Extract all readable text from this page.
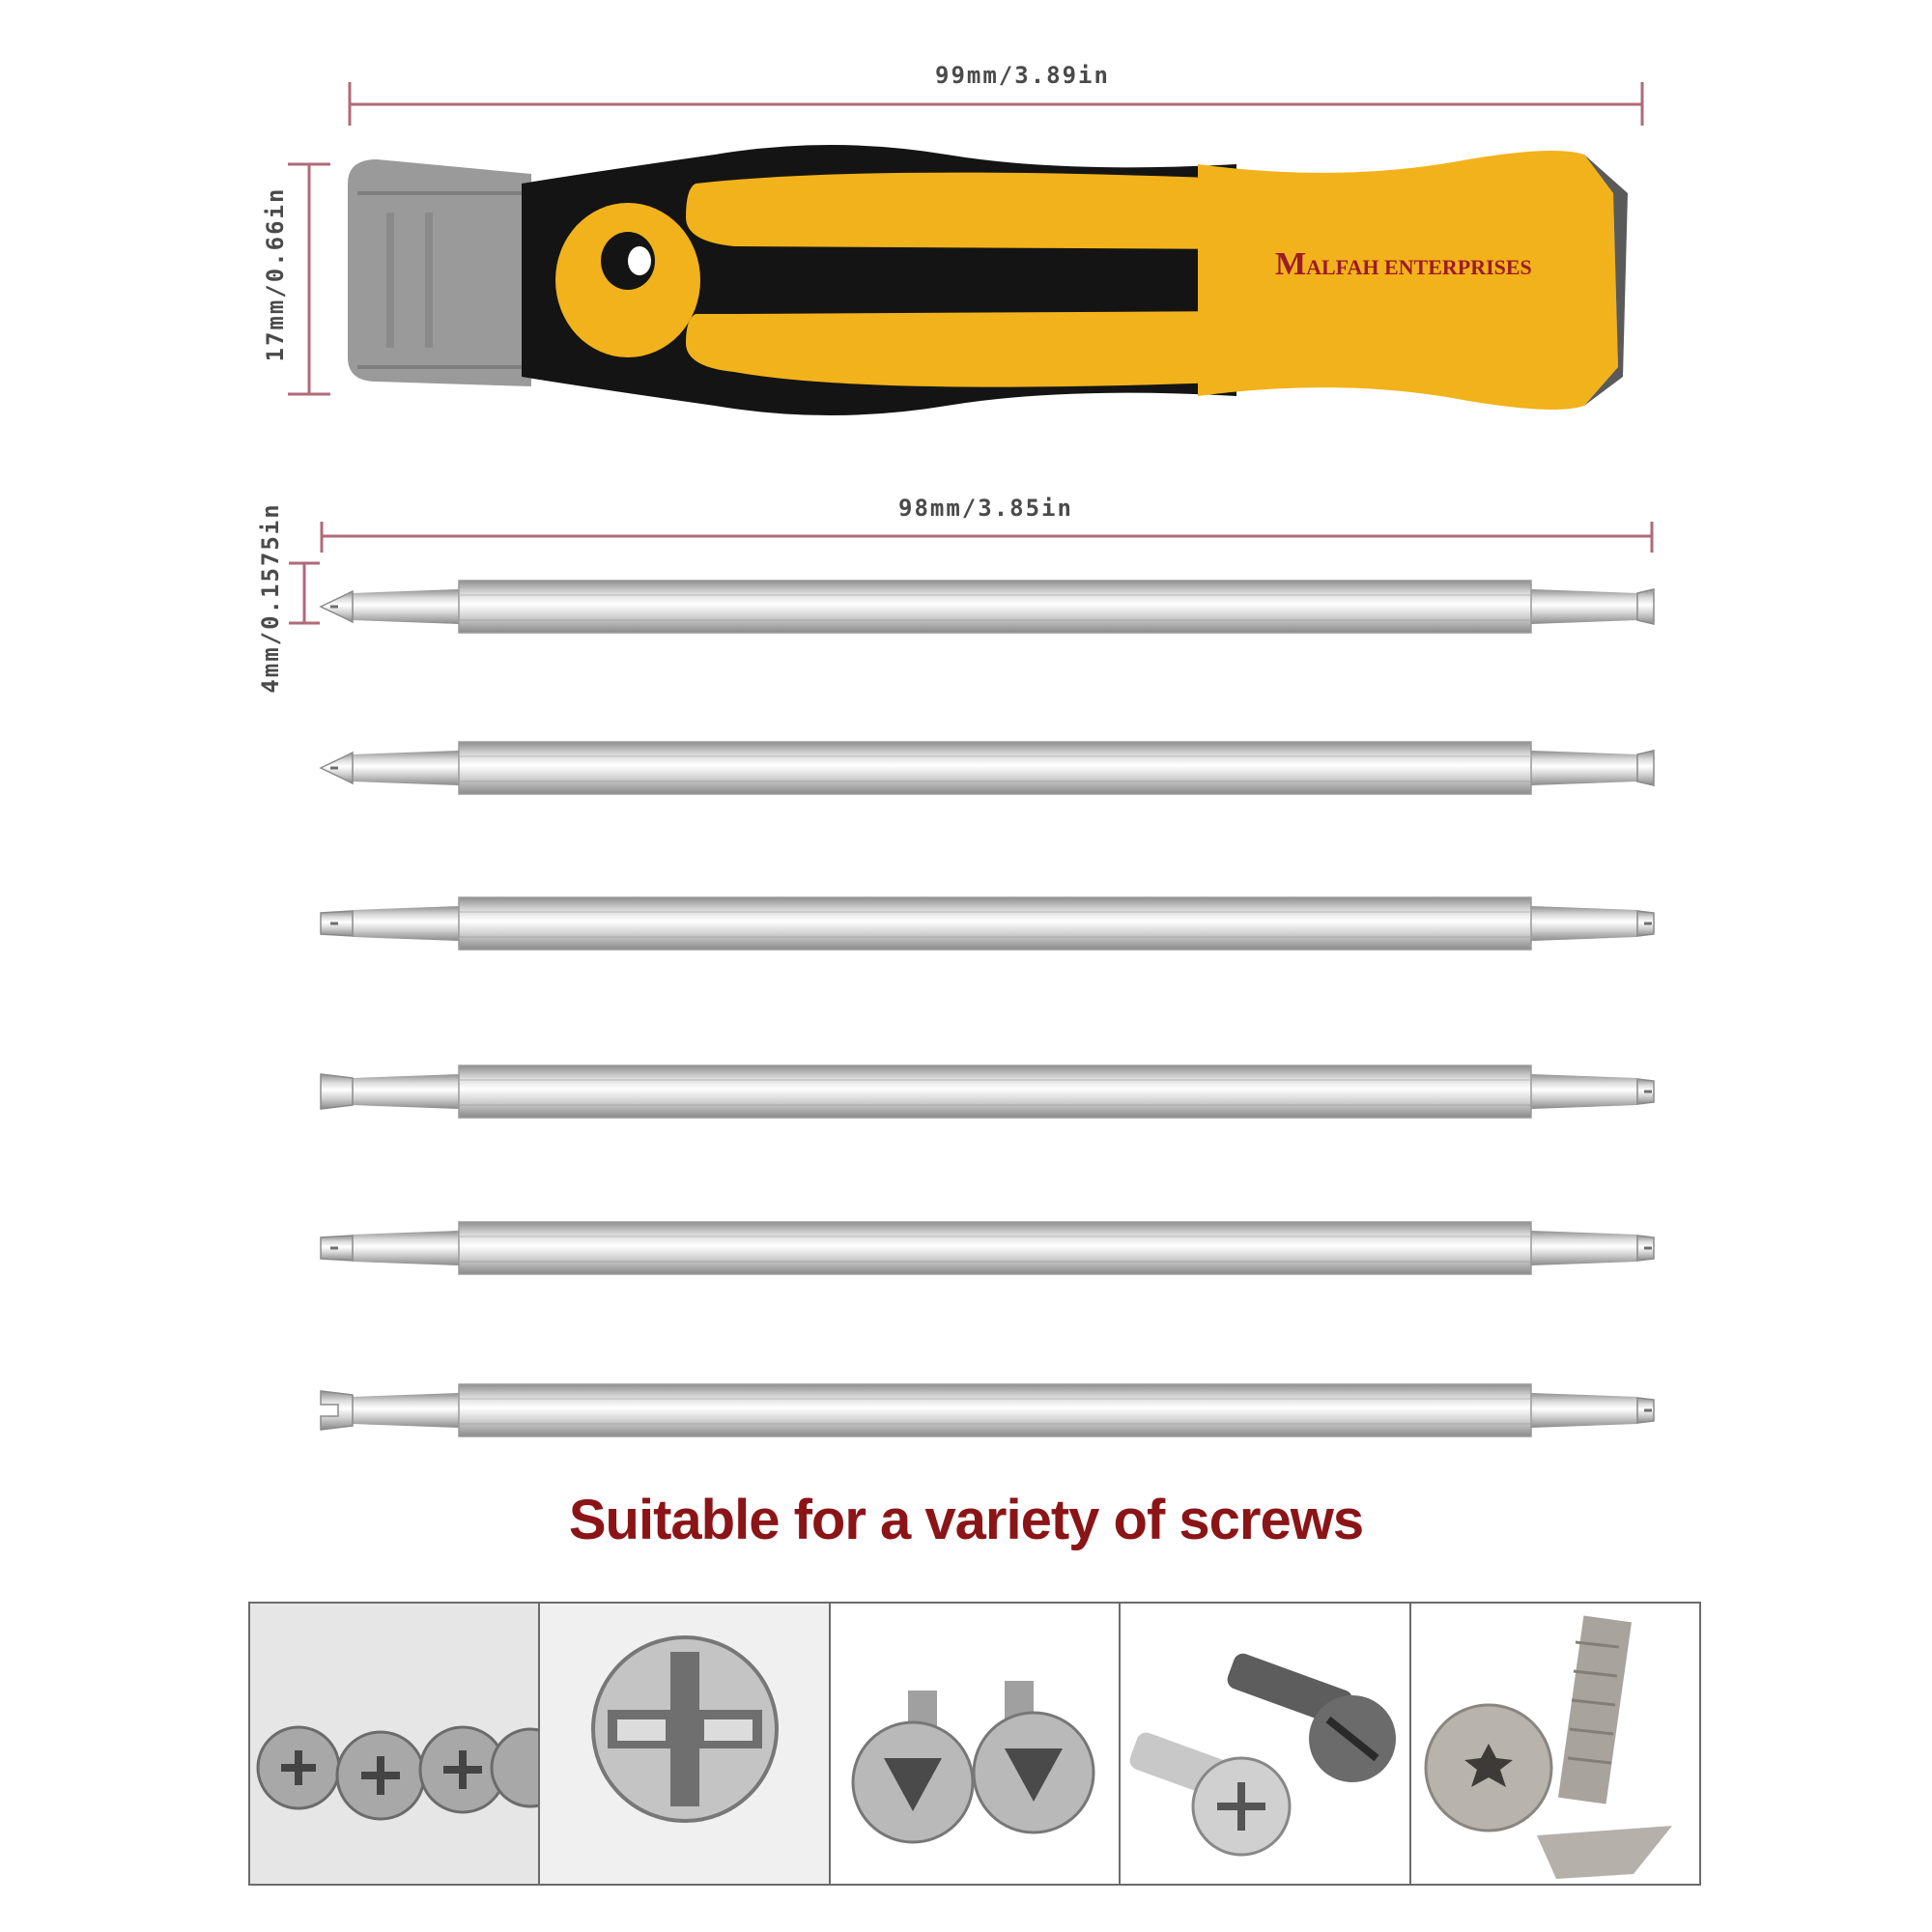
99mm/3.89in
17mm/0.66in	MALFAH ENTERPRISES
98mm/3.85in
4mm/0.1575in
Suitable for a variety of screws
